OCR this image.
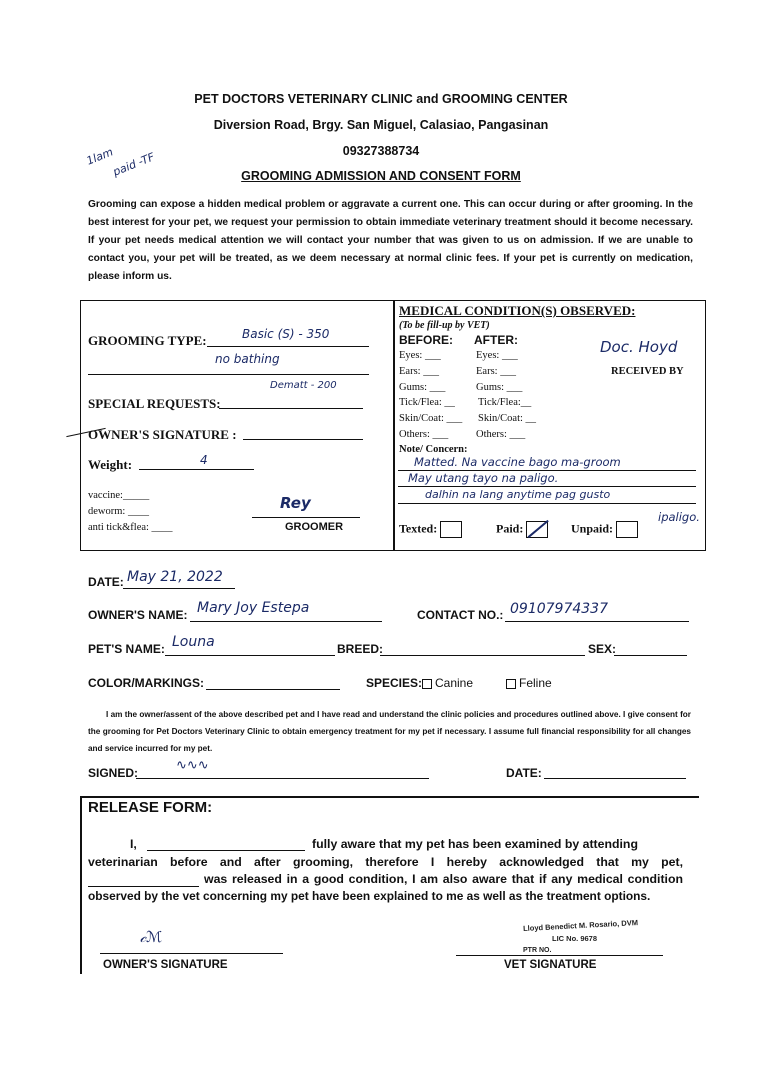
PET DOCTORS VETERINARY CLINIC and GROOMING CENTER
Diversion Road, Brgy. San Miguel, Calasiao, Pangasinan
09327388734
GROOMING ADMISSION AND CONSENT FORM
1lam
paid -TF
Grooming can expose a hidden medical problem or aggravate a current one. This can occur during or after grooming. In the best interest for your pet, we request your permission to obtain immediate veterinary treatment should it become necessary. If your pet needs medical attention we will contact your number that was given to us on admission. If we are unable to contact you, your pet will be treated, as we deem necessary at normal clinic fees. If your pet is currently on medication, please inform us.
GROOMING TYPE:	Basic (S) - 350
no bathing
Dematt - 200
SPECIAL REQUESTS:
OWNER'S SIGNATURE :
Weight:	4
vaccine:_____
deworm: ____
anti tick&flea: ____
Rey
GROOMER
MEDICAL CONDITION(S) OBSERVED:
(To be fill-up by VET)
BEFORE: AFTER:
Eyes: ___	Eyes: ___
Ears: ___	Ears: ___
Gums: ___	Gums: ___
Tick/Flea: __ Tick/Flea:__
Skin/Coat: ___ Skin/Coat: __
Others: ___	Others: ___
Doc. Hoyd
RECEIVED BY
Note/ Concern:
Matted. Na vaccine bago ma-groom
May utang tayo na paligo.
dalhin na lang anytime pag gusto
ipaligo.
Texted:	Paid:	Unpaid:
DATE: May 21, 2022
OWNER'S NAME: Mary Joy Estepa	CONTACT NO.: 09107974337
PET'S NAME: Louna	BREED:	SEX:
COLOR/MARKINGS:	SPECIES:	Canine	Feline
I am the owner/assent of the above described pet and I have read and understand the clinic policies and procedures outlined above. I give consent for the grooming for Pet Doctors Veterinary Clinic to obtain emergency treatment for my pet if necessary. I assume full financial responsibility for all changes and service incurred for my pet.
SIGNED:	∿∿∿	DATE:
RELEASE FORM:
I,	fully aware that my pet has been examined by attending
veterinarian before and after grooming, therefore I hereby acknowledged that my pet,
was released in a good condition, I am also aware that if any medical condition
observed by the vet concerning my pet have been explained to me as well as the treatment options.
𝒸ℳ
OWNER'S SIGNATURE
Lloyd Benedict M. Rosario, DVM
LIC No. 9678
PTR NO.
VET SIGNATURE
